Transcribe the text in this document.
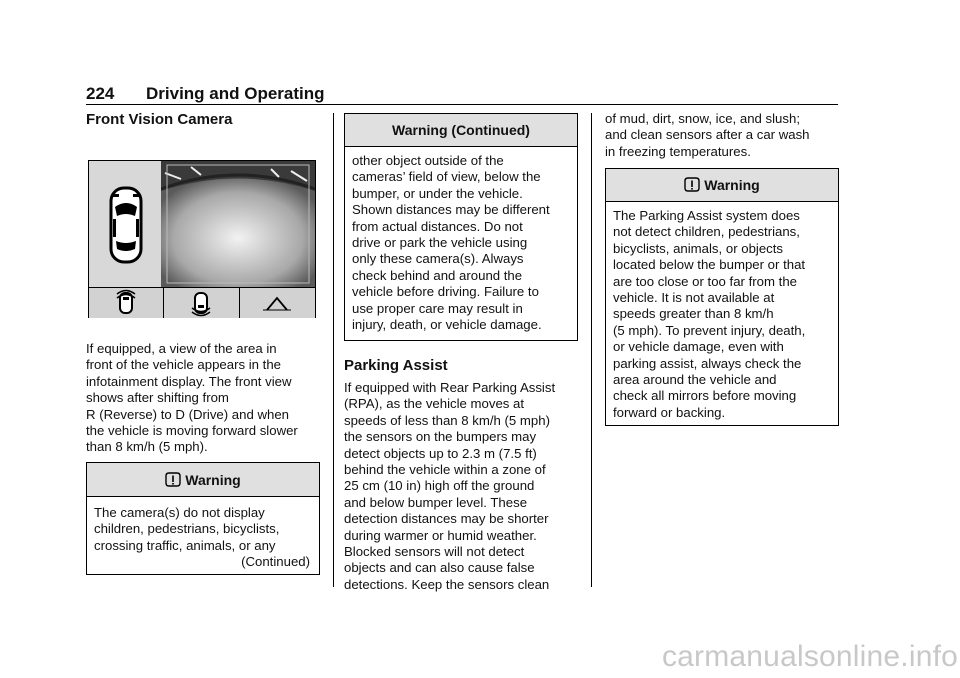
224 Driving and Operating
Front Vision Camera
If equipped, a view of the area in
front of the vehicle appears in the
infotainment display. The front view
shows after shifting from
R (Reverse) to D (Drive) and when
the vehicle is moving forward slower
than 8 km/h (5 mph).
Warning
The camera(s) do not display
children, pedestrians, bicyclists,
crossing traffic, animals, or any
(Continued)
Warning (Continued)
other object outside of the
cameras’ field of view, below the
bumper, or under the vehicle.
Shown distances may be different
from actual distances. Do not
drive or park the vehicle using
only these camera(s). Always
check behind and around the
vehicle before driving. Failure to
use proper care may result in
injury, death, or vehicle damage.
Parking Assist
If equipped with Rear Parking Assist
(RPA), as the vehicle moves at
speeds of less than 8 km/h (5 mph)
the sensors on the bumpers may
detect objects up to 2.3 m (7.5 ft)
behind the vehicle within a zone of
25 cm (10 in) high off the ground
and below bumper level. These
detection distances may be shorter
during warmer or humid weather.
Blocked sensors will not detect
objects and can also cause false
detections. Keep the sensors clean
of mud, dirt, snow, ice, and slush;
and clean sensors after a car wash
in freezing temperatures.
Warning
The Parking Assist system does
not detect children, pedestrians,
bicyclists, animals, or objects
located below the bumper or that
are too close or too far from the
vehicle. It is not available at
speeds greater than 8 km/h
(5 mph). To prevent injury, death,
or vehicle damage, even with
parking assist, always check the
area around the vehicle and
check all mirrors before moving
forward or backing.
carmanualsonline.info
